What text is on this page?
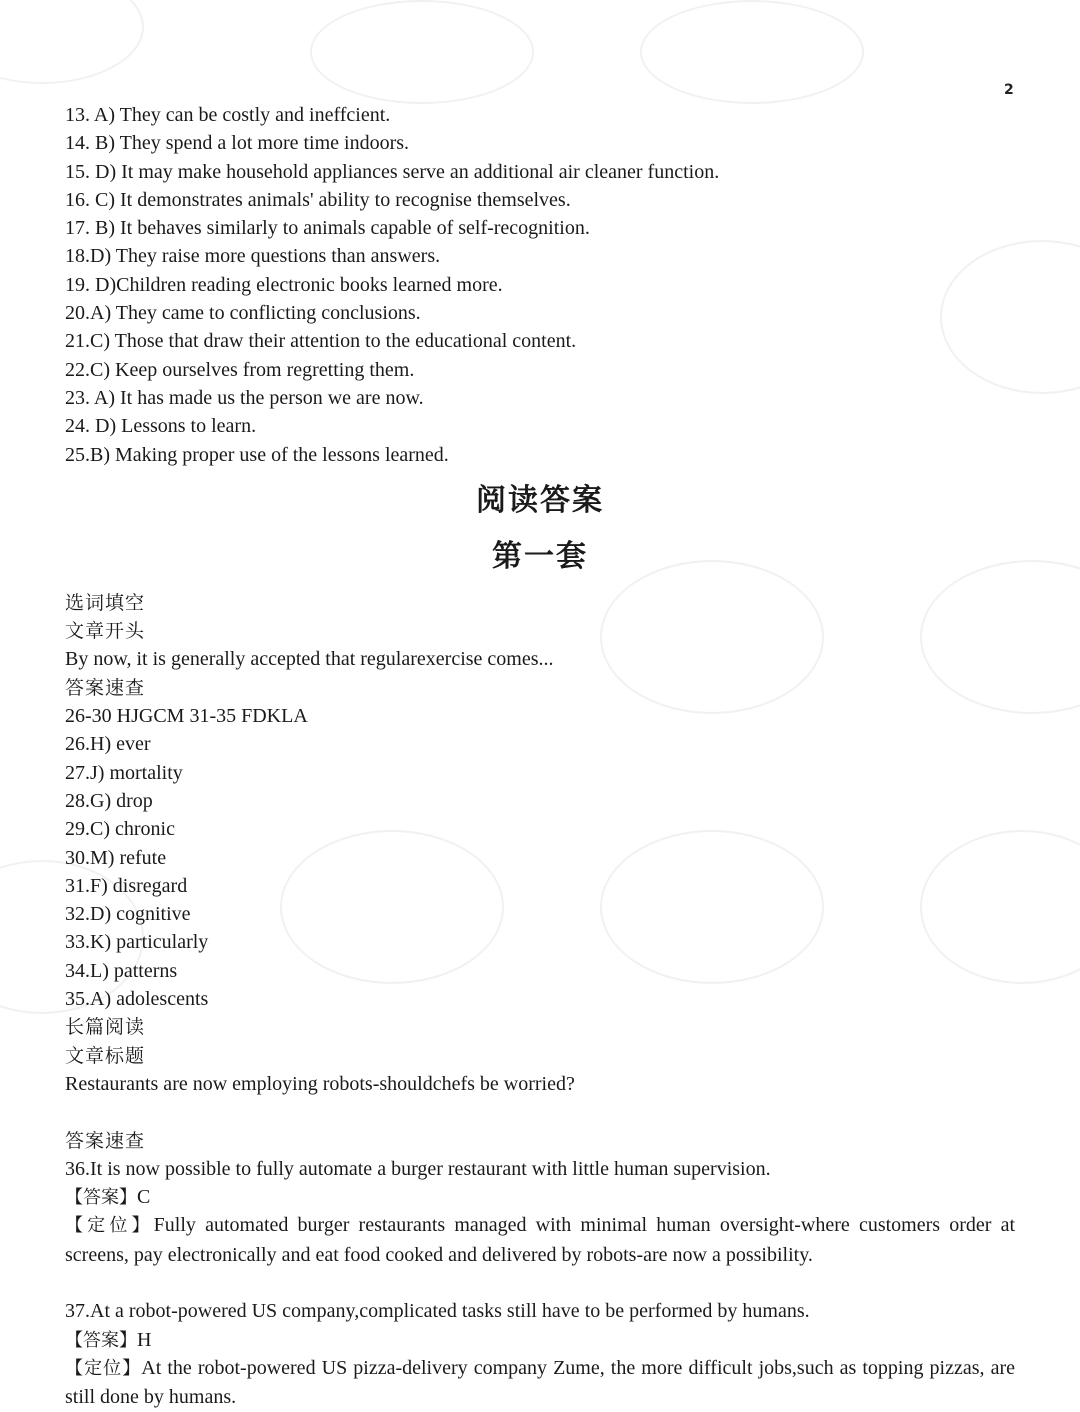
2
13. A) They can be costly and ineffcient.
14. B) They spend a lot more time indoors.
15. D) It may make household appliances serve an additional air cleaner function.
16. C) It demonstrates animals' ability to recognise themselves.
17. B) It behaves similarly to animals capable of self-recognition.
18.D) They raise more questions than answers.
19. D)Children reading electronic books learned more.
20.A) They came to conflicting conclusions.
21.C) Those that draw their attention to the educational content.
22.C) Keep ourselves from regretting them.
23. A) It has made us the person we are now.
24. D) Lessons to learn.
25.B) Making proper use of the lessons learned.
阅读答案
第一套
选词填空
文章开头
By now, it is generally accepted that regularexercise comes...
答案速查
26-30 HJGCM 31-35 FDKLA
26.H) ever
27.J) mortality
28.G) drop
29.C) chronic
30.M) refute
31.F) disregard
32.D) cognitive
33.K) particularly
34.L) patterns
35.A) adolescents
长篇阅读
文章标题
Restaurants are now employing robots-shouldchefs be worried?
答案速查
36.It is now possible to fully automate a burger restaurant with little human supervision.
【答案】C
【定位】Fully automated burger restaurants managed with minimal human oversight-where customers order at screens, pay electronically and eat food cooked and delivered by robots-are now a possibility.
37.At a robot-powered US company,complicated tasks still have to be performed by humans.
【答案】H
【定位】At the robot-powered US pizza-delivery company Zume, the more difficult jobs,such as topping pizzas, are still done by humans.
